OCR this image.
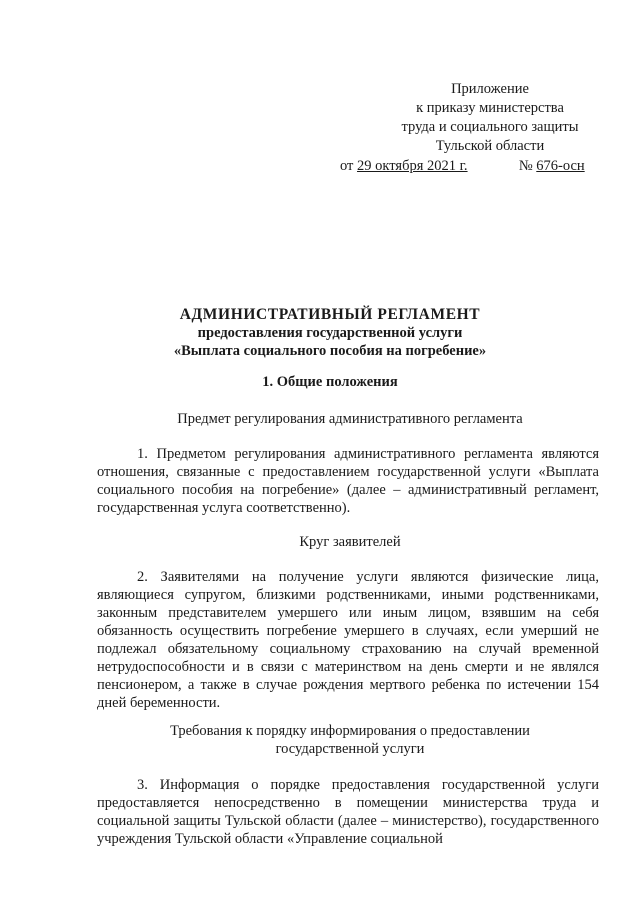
Приложение
к приказу министерства
труда и социального защиты
Тульской области
от 29 октября 2021 г.	№ 676-осн
АДМИНИСТРАТИВНЫЙ РЕГЛАМЕНТ
предоставления государственной услуги
«Выплата социального пособия на погребение»
1. Общие положения
Предмет регулирования административного регламента
1. Предметом регулирования административного регламента являются отношения, связанные с предоставлением государственной услуги «Выплата социального пособия на погребение» (далее – административный регламент, государственная услуга соответственно).
Круг заявителей
2. Заявителями на получение услуги являются физические лица, являющиеся супругом, близкими родственниками, иными родственниками, законным представителем умершего или иным лицом, взявшим на себя обязанность осуществить погребение умершего в случаях, если умерший не подлежал обязательному социальному страхованию на случай временной нетрудоспособности и в связи с материнством на день смерти и не являлся пенсионером, а также в случае рождения мертвого ребенка по истечении 154 дней беременности.
Требования к порядку информирования о предоставлении
государственной услуги
3. Информация о порядке предоставления государственной услуги предоставляется непосредственно в помещении министерства труда и социальной защиты Тульской области (далее – министерство), государственного учреждения Тульской области «Управление социальной
